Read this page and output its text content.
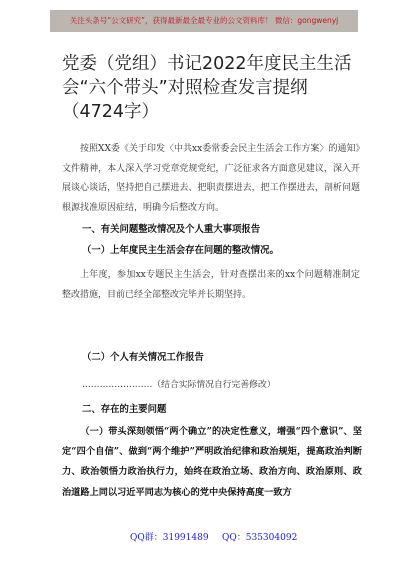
关注头条号“公文研究”，获得最新最全最专业的公文资料库！ 微信：gongwenyj
党委（党组）书记2022年度民主生活会“六个带头”对照检查发言提纲（4724字）
按照XX委《关于印发〈中共xx委常委会民主生活会工作方案〉的通知》文件精神，本人深入学习党章党规党纪，广泛征求各方面意见建议，深入开展谈心谈话，坚持把自己摆进去、把职责摆进去，把工作摆进去，剖析问题根源找准原因症结，明确今后整改方向。
一、有关问题整改情况及个人重大事项报告
（一）上年度民主生活会存在问题的整改情况。
上年度，参加xx专题民主生活会，针对查摆出来的xx个问题精准制定整改措施，目前已经全部整改完毕并长期坚持。
（二）个人有关情况工作报告
……………………（结合实际情况自行完善修改）
二、存在的主要问题
（一）带头深刻领悟“两个确立”的决定性意义，增强“四个意识”、坚定“四个自信”、做到“两个维护”严明政治纪律和政治规矩，提高政治判断力、政治领悟力政治执行力，始终在政治立场、政治方向、政治原则、政治道路上同以习近平同志为核心的党中央保持高度一致方
QQ群：31991489 QQ：535304092
